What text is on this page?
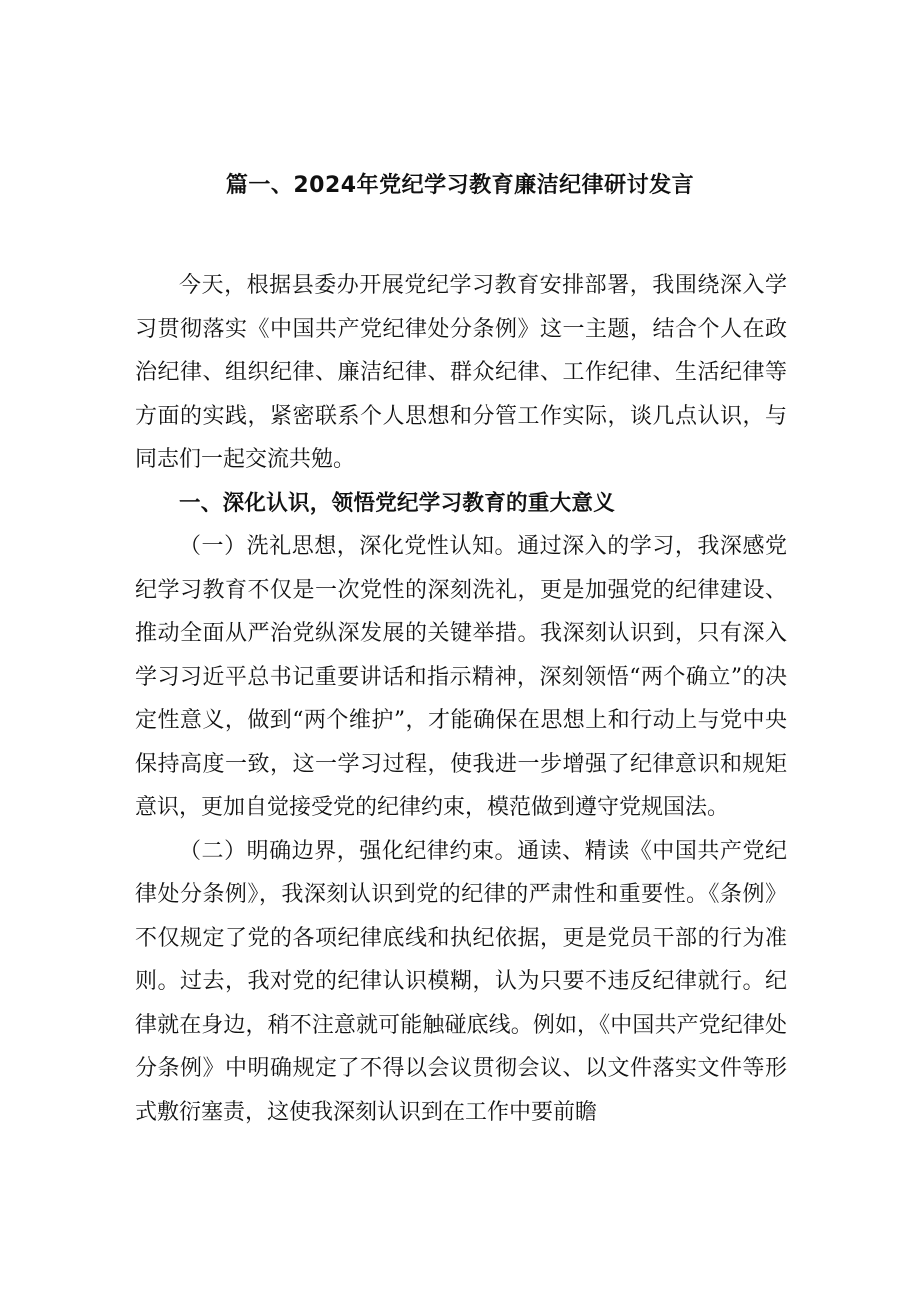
篇一、2024年党纪学习教育廉洁纪律研讨发言

今天，根据县委办开展党纪学习教育安排部署，我围绕深入学习贯彻落实《中国共产党纪律处分条例》这一主题，结合个人在政治纪律、组织纪律、廉洁纪律、群众纪律、工作纪律、生活纪律等方面的实践，紧密联系个人思想和分管工作实际，谈几点认识，与同志们一起交流共勉。

一、深化认识，领悟党纪学习教育的重大意义

（一）洗礼思想，深化党性认知。通过深入的学习，我深感党纪学习教育不仅是一次党性的深刻洗礼，更是加强党的纪律建设、推动全面从严治党纵深发展的关键举措。我深刻认识到，只有深入学习习近平总书记重要讲话和指示精神，深刻领悟“两个确立”的决定性意义，做到“两个维护”，才能确保在思想上和行动上与党中央保持高度一致，这一学习过程，使我进一步增强了纪律意识和规矩意识，更加自觉接受党的纪律约束，模范做到遵守党规国法。

（二）明确边界，强化纪律约束。通读、精读《中国共产党纪律处分条例》，我深刻认识到党的纪律的严肃性和重要性。《条例》不仅规定了党的各项纪律底线和执纪依据，更是党员干部的行为准则。过去，我对党的纪律认识模糊，认为只要不违反纪律就行。纪律就在身边，稍不注意就可能触碰底线。例如，《中国共产党纪律处分条例》中明确规定了不得以会议贯彻会议、以文件落实文件等形式敷衍塞责，这使我深刻认识到在工作中要前瞻
